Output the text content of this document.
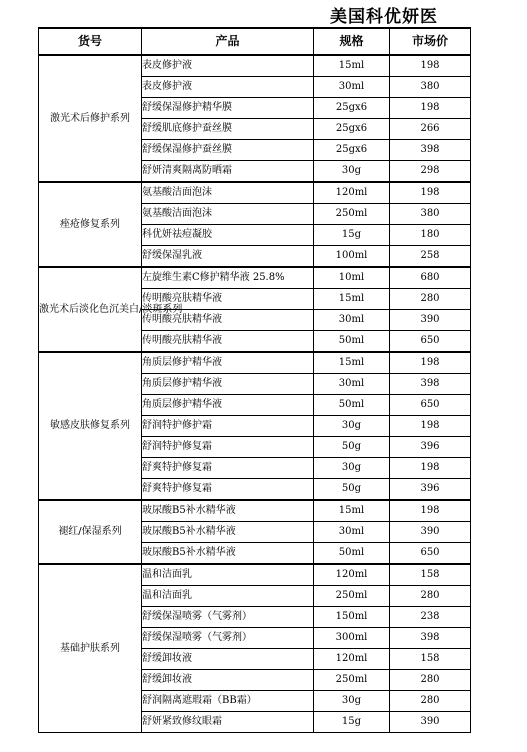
美国科优妍医
货号	产品	规格	市场价
激光术后修护系列	表皮修护液	15ml	198
	表皮修护液	30ml	380
	舒缓保湿修护精华膜	25gx6	198
	舒缓肌底修护蚕丝膜	25gx6	266
	舒缓保湿修护蚕丝膜	25gx6	398
	舒妍清爽隔离防晒霜	30g	298
痤疮修复系列	氨基酸洁面泡沫	120ml	198
	氨基酸洁面泡沫	250ml	380
	科优妍祛痘凝胶	15g	180
	舒缓保湿乳液	100ml	258
激光术后淡化色沉美白/淡斑系列	左旋维生素C修护精华液 25.8%	10ml	680
	传明酸亮肤精华液	15ml	280
	传明酸亮肤精华液	30ml	390
	传明酸亮肤精华液	50ml	650
敏感皮肤修复系列	角质层修护精华液	15ml	198
	角质层修护精华液	30ml	398
	角质层修护精华液	50ml	650
	舒润特护修护霜	30g	198
	舒润特护修复霜	50g	396
	舒爽特护修复霜	30g	198
	舒爽特护修复霜	50g	396
褪红/保湿系列	玻尿酸B5补水精华液	15ml	198
	玻尿酸B5补水精华液	30ml	390
	玻尿酸B5补水精华液	50ml	650
基础护肤系列	温和洁面乳	120ml	158
	温和洁面乳	250ml	280
	舒缓保湿喷雾（气雾剂）	150ml	238
	舒缓保湿喷雾（气雾剂）	300ml	398
	舒缓卸妆液	120ml	158
	舒缓卸妆液	250ml	280
	舒润隔离遮瑕霜（BB霜）	30g	280
	舒妍紧致修纹眼霜	15g	390
